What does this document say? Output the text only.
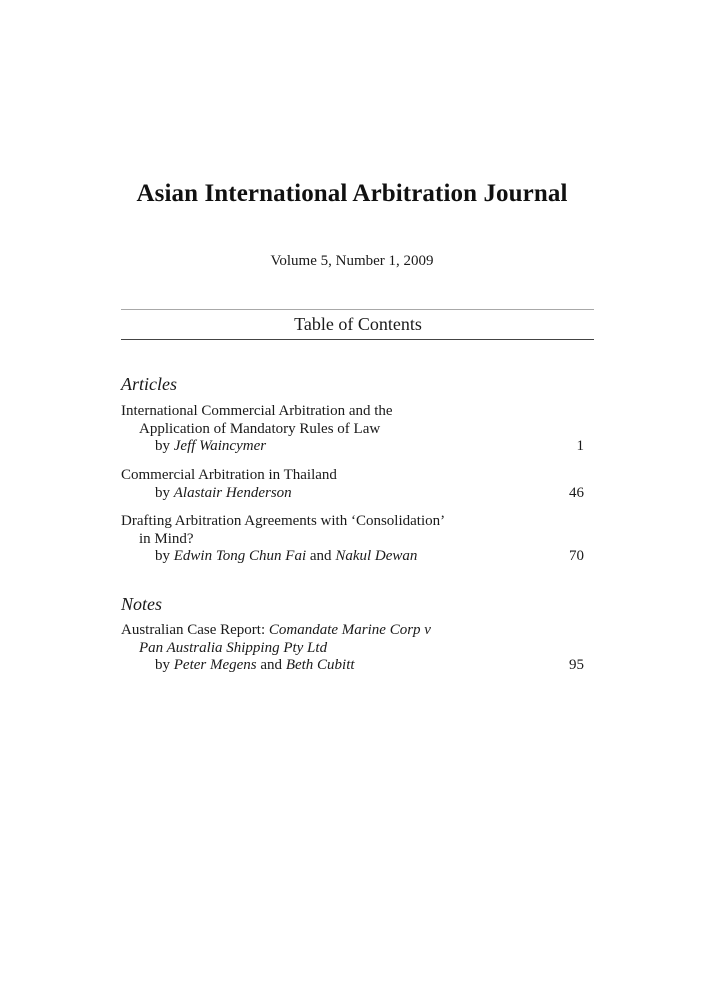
Asian International Arbitration Journal
Volume 5, Number 1, 2009
Table of Contents
Articles
International Commercial Arbitration and the
Application of Mandatory Rules of Law
by Jeff Waincymer	1
Commercial Arbitration in Thailand
by Alastair Henderson	46
Drafting Arbitration Agreements with ‘Consolidation’
in Mind?
by Edwin Tong Chun Fai and Nakul Dewan	70
Notes
Australian Case Report: Comandate Marine Corp v
Pan Australia Shipping Pty Ltd
by Peter Megens and Beth Cubitt	95
